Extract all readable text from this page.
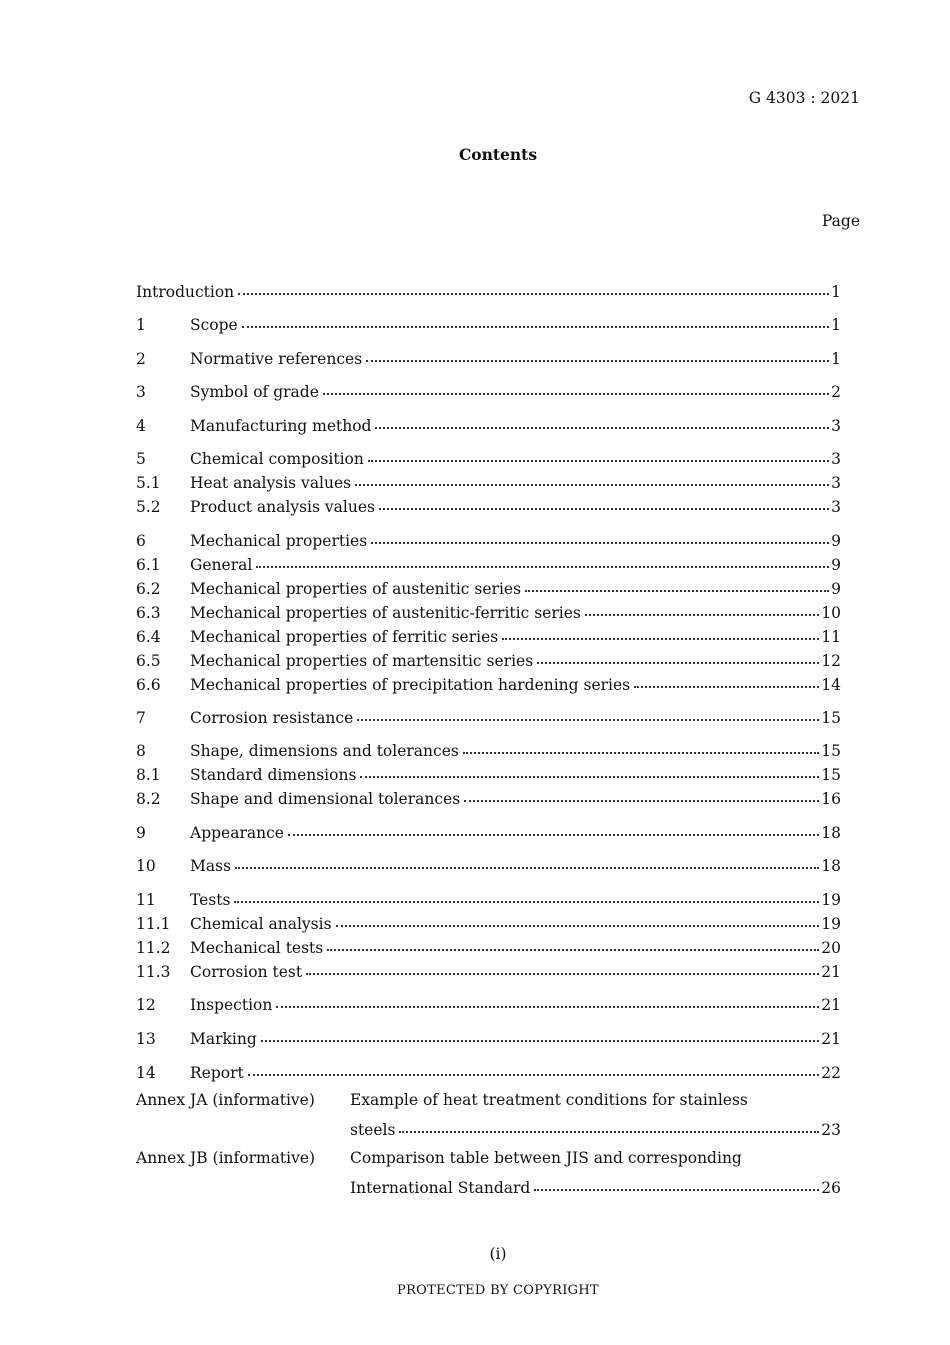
G 4303 : 2021
Contents
Page
Introduction	1
1	Scope	1
2	Normative references	1
3	Symbol of grade	2
4	Manufacturing method	3
5	Chemical composition	3
5.1	Heat analysis values	3
5.2	Product analysis values	3
6	Mechanical properties	9
6.1	General	9
6.2	Mechanical properties of austenitic series	9
6.3	Mechanical properties of austenitic-ferritic series	10
6.4	Mechanical properties of ferritic series	11
6.5	Mechanical properties of martensitic series	12
6.6	Mechanical properties of precipitation hardening series	14
7	Corrosion resistance	15
8	Shape, dimensions and tolerances	15
8.1	Standard dimensions	15
8.2	Shape and dimensional tolerances	16
9	Appearance	18
10	Mass	18
11	Tests	19
11.1	Chemical analysis	19
11.2	Mechanical tests	20
11.3	Corrosion test	21
12	Inspection	21
13	Marking	21
14	Report	22
Annex JA (informative) Example of heat treatment conditions for stainless
steels	23
Annex JB (informative) Comparison table between JIS and corresponding
International Standard	26
(i)
PROTECTED BY COPYRIGHT
